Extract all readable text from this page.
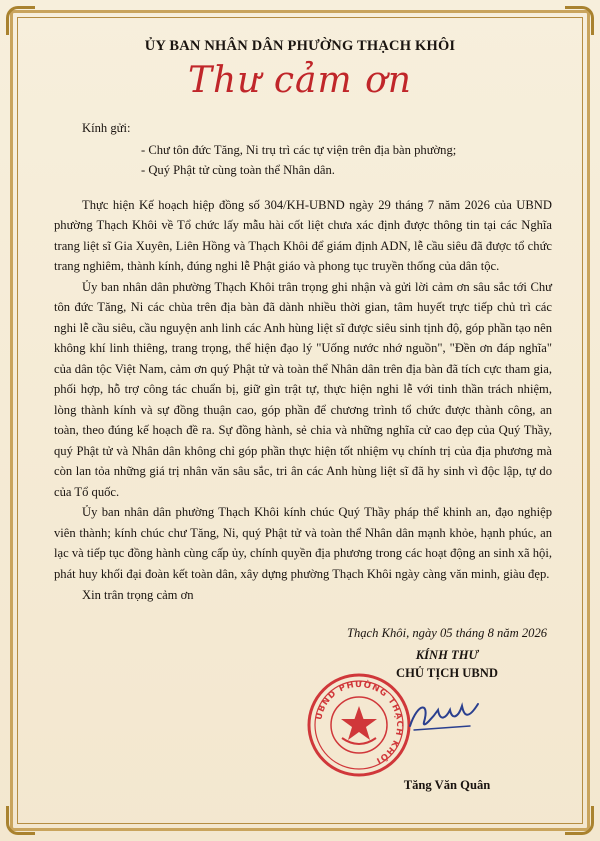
ỦY BAN NHÂN DÂN PHƯỜNG THẠCH KHÔI
Thư cảm ơn
Kính gửi:
- Chư tôn đức Tăng, Ni trụ trì các tự viện trên địa bàn phường;
- Quý Phật tử cùng toàn thể Nhân dân.

Thực hiện Kế hoạch hiệp đồng số 304/KH-UBND ngày 29 tháng 7 năm 2026 của UBND phường Thạch Khôi về Tổ chức lấy mẫu hài cốt liệt chưa xác định được thông tin tại các Nghĩa trang liệt sĩ Gia Xuyên, Liên Hồng và Thạch Khôi để giám định ADN, lễ cầu siêu đã được tổ chức trang nghiêm, thành kính, đúng nghi lễ Phật giáo và phong tục truyền thống của dân tộc.

Ủy ban nhân dân phường Thạch Khôi trân trọng ghi nhận và gửi lời cảm ơn sâu sắc tới Chư tôn đức Tăng, Ni các chùa trên địa bàn đã dành nhiều thời gian, tâm huyết trực tiếp chủ trì các nghi lễ cầu siêu, cầu nguyện anh linh các Anh hùng liệt sĩ được siêu sinh tịnh độ, góp phần tạo nên không khí linh thiêng, trang trọng, thể hiện đạo lý "Uống nước nhớ nguồn", "Đền ơn đáp nghĩa" của dân tộc Việt Nam, cảm ơn quý Phật tử và toàn thể Nhân dân trên địa bàn đã tích cực tham gia, phối hợp, hỗ trợ công tác chuẩn bị, giữ gìn trật tự, thực hiện nghi lễ với tinh thần trách nhiệm, lòng thành kính và sự đồng thuận cao, góp phần để chương trình tổ chức được thành công, an toàn, theo đúng kế hoạch đề ra. Sự đồng hành, sẻ chia và những nghĩa cử cao đẹp của Quý Thầy, quý Phật tử và Nhân dân không chỉ góp phần thực hiện tốt nhiệm vụ chính trị của địa phương mà còn lan tỏa những giá trị nhân văn sâu sắc, tri ân các Anh hùng liệt sĩ đã hy sinh vì độc lập, tự do của Tổ quốc.

Ủy ban nhân dân phường Thạch Khôi kính chúc Quý Thầy pháp thể khinh an, đạo nghiệp viên thành; kính chúc chư Tăng, Ni, quý Phật tử và toàn thể Nhân dân mạnh khỏe, hạnh phúc, an lạc và tiếp tục đồng hành cùng cấp ủy, chính quyền địa phương trong các hoạt động an sinh xã hội, phát huy khối đại đoàn kết toàn dân, xây dựng phường Thạch Khôi ngày càng văn minh, giàu đẹp.

Xin trân trọng cảm ơn
Thạch Khôi, ngày 05 tháng 8 năm 2026
KÍNH THƯ
CHỦ TỊCH UBND
UBND PHƯỜNG THẠCH KHÔI
Tăng Văn Quân
